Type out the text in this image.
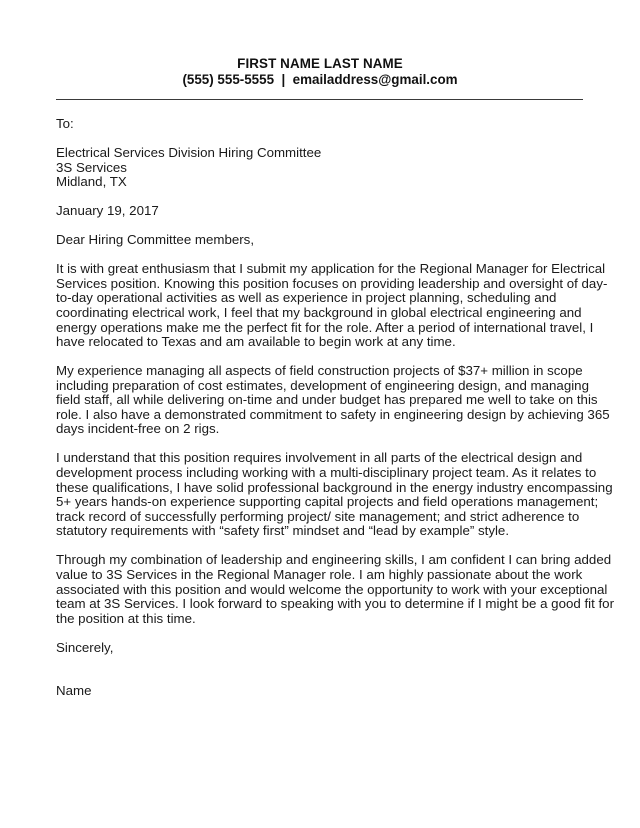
FIRST NAME LAST NAME
(555) 555-5555  |  emailaddress@gmail.com
To:
Electrical Services Division Hiring Committee
3S Services
Midland, TX
January 19, 2017
Dear Hiring Committee members,
It is with great enthusiasm that I submit my application for the Regional Manager for Electrical
Services position. Knowing this position focuses on providing leadership and oversight of day-
to-day operational activities as well as experience in project planning, scheduling and
coordinating electrical work, I feel that my background in global electrical engineering and
energy operations make me the perfect fit for the role. After a period of international travel, I
have relocated to Texas and am available to begin work at any time.
My experience managing all aspects of field construction projects of $37+ million in scope
including preparation of cost estimates, development of engineering design, and managing
field staff, all while delivering on-time and under budget has prepared me well to take on this
role. I also have a demonstrated commitment to safety in engineering design by achieving 365
days incident-free on 2 rigs.
I understand that this position requires involvement in all parts of the electrical design and
development process including working with a multi-disciplinary project team. As it relates to
these qualifications, I have solid professional background in the energy industry encompassing
5+ years hands-on experience supporting capital projects and field operations management;
track record of successfully performing project/ site management; and strict adherence to
statutory requirements with “safety first” mindset and “lead by example” style.
Through my combination of leadership and engineering skills, I am confident I can bring added
value to 3S Services in the Regional Manager role. I am highly passionate about the work
associated with this position and would welcome the opportunity to work with your exceptional
team at 3S Services. I look forward to speaking with you to determine if I might be a good fit for
the position at this time.
Sincerely,
Name
